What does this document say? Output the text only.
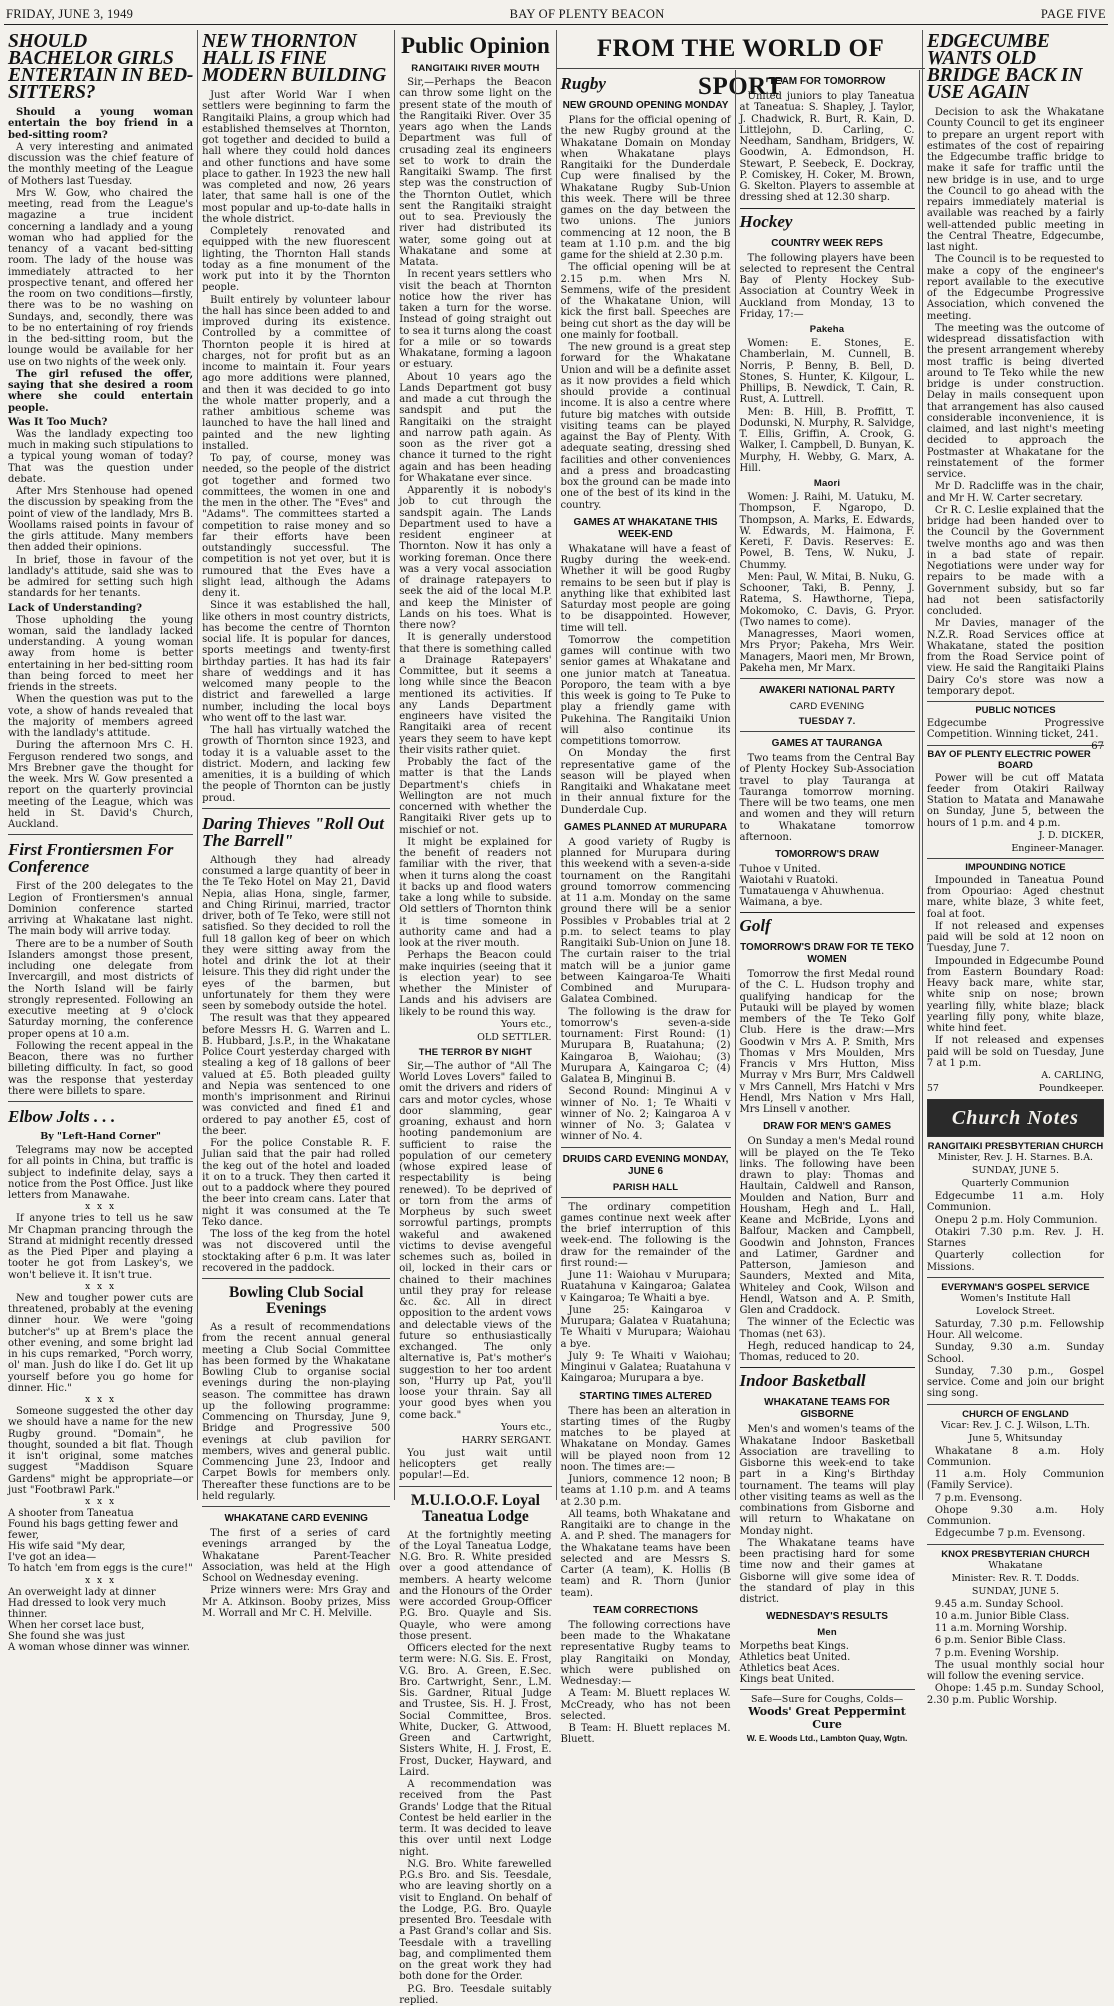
FRIDAY, JUNE 3, 1949	BAY OF PLENTY BEACON	PAGE FIVE
SHOULD BACHELOR GIRLS ENTERTAIN IN BED-SITTERS?

Should a young woman entertain the boy friend in a bed-sitting room?

A very interesting and animated discussion was the chief feature of the monthly meeting of the League of Mothers last Tuesday.

Mrs W. Gow, who chaired the meeting, read from the League's magazine a true incident concerning a landlady and a young woman who had applied for the tenancy of a vacant bed-sitting room. The lady of the house was immediately attracted to her prospective tenant, and offered her the room on two conditions—firstly, there was to be no washing on Sundays, and, secondly, there was to be no entertaining of roy friends in the bed-sitting room, but the lounge would be available for her use on two nights of the week only.

The girl refused the offer, saying that she desired a room where she could entertain people.

Was It Too Much?

Was the landlady expecting too much in making such stipulations to a typical young woman of today? That was the question under debate.

After Mrs Stenhouse had opened the discussion by speaking from the point of view of the landlady, Mrs B. Woollams raised points in favour of the girls attitude. Many members then added their opinions.

In brief, those in favour of the landlady's attitude, said she was to be admired for setting such high standards for her tenants.

Lack of Understanding?

Those upholding the young woman, said the landlady lacked understanding. A young woman away from home is better entertaining in her bed-sitting room than being forced to meet her friends in the streets.

When the question was put to the vote, a show of hands revealed that the majority of members agreed with the landlady's attitude.

During the afternoon Mrs C. H. Ferguson rendered two songs, and Mrs Brebner gave the thought for the week. Mrs W. Gow presented a report on the quarterly provincial meeting of the League, which was held in St. David's Church, Auckland.

First Frontiersmen For Conference

First of the 200 delegates to the Legion of Frontiersmen's annual Dominion conference started arriving at Whakatane last night. The main body will arrive today.

There are to be a number of South Islanders amongst those present, including one delegate from Invercargill, and most districts of the North Island will be fairly strongly represented. Following an executive meeting at 9 o'clock Saturday morning, the conference proper opens at 10 a.m.

Following the recent appeal in the Beacon, there was no further billeting difficulty. In fact, so good was the response that yesterday there were billets to spare.

Elbow Jolts . . .
By "Left-Hand Corner"

Telegrams may now be accepted for all points in China, but traffic is subject to indefinite delay, says a notice from the Post Office. Just like letters from Manawahe.

x x x

If anyone tries to tell us he saw Mr Chapman prancing through the Strand at midnight recently dressed as the Pied Piper and playing a tooter he got from Laskey's, we won't believe it. It isn't true.

x x x

New and tougher power cuts are threatened, probably at the evening dinner hour. We were "going butcher's" up at Brem's place the other evening, and some bright lad in his cups remarked, "Porch worry, ol' man. Jush do like I do. Get lit up yourself before you go home for dinner. Hic."

x x x

Someone suggested the other day we should have a name for the new Rugby ground. "Domain", he thought, sounded a bit flat. Though it isn't original, some matches suggest "Maddison Square Gardens" might be appropriate—or just "Footbrawl Park."

x x x
A shooter from Taneatua
Found his bags getting fewer and fewer,
His wife said "My dear,
I've got an idea—
To hatch 'em from eggs is the cure!"
x x x
An overweight lady at dinner
Had dressed to look very much thinner.
When her corset lace bust,
She found she was just
A woman whose dinner was winner.
NEW THORNTON HALL IS FINE MODERN BUILDING

Just after World War I when settlers were beginning to farm the Rangitaiki Plains, a group which had established themselves at Thornton, got together and decided to build a hall where they could hold dances and other functions and have some place to gather. In 1923 the new hall was completed and now, 26 years later, that same hall is one of the most popular and up-to-date halls in the whole district.

Completely renovated and equipped with the new fluorescent lighting, the Thornton Hall stands today as a fine monument of the work put into it by the Thornton people.

Built entirely by volunteer labour the hall has since been added to and improved during its existence. Controlled by a committee of Thornton people it is hired at charges, not for profit but as an income to maintain it. Four years ago more additions were planned, and then it was decided to go into the whole matter properly, and a rather ambitious scheme was launched to have the hall lined and painted and the new lighting installed.

To pay, of course, money was needed, so the people of the district got together and formed two committees, the women in one and the men in the other. The "Eves" and "Adams". The committees started a competition to raise money and so far their efforts have been outstandingly successful. The competition is not yet over, but it is rumoured that the Eves have a slight lead, although the Adams deny it.

Since it was established the hall, like others in most country districts, has become the centre of Thornton social life. It is popular for dances, sports meetings and twenty-first birthday parties. It has had its fair share of weddings and it has welcomed many people to the district and farewelled a large number, including the local boys who went off to the last war.

The hall has virtually watched the growth of Thornton since 1923, and today it is a valuable asset to the district. Modern, and lacking few amenities, it is a building of which the people of Thornton can be justly proud.

Daring Thieves "Roll Out The Barrell"

Although they had already consumed a large quantity of beer in the Te Teko Hotel on May 21, David Nepia, alias Hona, single, farmer, and Ching Ririnui, married, tractor driver, both of Te Teko, were still not satisfied. So they decided to roll the full 18 gallon keg of beer on which they were sitting away from the hotel and drink the lot at their leisure. This they did right under the eyes of the barmen, but unfortunately for them they were seen by somebody outside the hotel.

The result was that they appeared before Messrs H. G. Warren and L. B. Hubbard, J.s.P., in the Whakatane Police Court yesterday charged with stealing a keg of 18 gallons of beer valued at £5. Both pleaded guilty and Nepia was sentenced to one month's imprisonment and Ririnui was convicted and fined £1 and ordered to pay another £5, cost of the beer.

For the police Constable R. F. Julian said that the pair had rolled the keg out of the hotel and loaded it on to a truck. They then carted it out to a paddock where they poured the beer into cream cans. Later that night it was consumed at the Te Teko dance.

The loss of the keg from the hotel was not discovered until the stocktaking after 6 p.m. It was later recovered in the paddock.

Bowling Club Social Evenings

As a result of recommendations from the recent annual general meeting a Club Social Committee has been formed by the Whakatane Bowling Club to organise social evenings during the non-playing season. The committee has drawn up the following programme: Commencing on Thursday, June 9, Bridge and Progressive 500 evenings at club pavilion for members, wives and general public. Commencing June 23, Indoor and Carpet Bowls for members only. Thereafter these functions are to be held regularly.

WHAKATANE CARD EVENING

The first of a series of card evenings arranged by the Whakatane Parent-Teacher Association, was held at the High School on Wednesday evening.

Prize winners were: Mrs Gray and Mr A. Atkinson. Booby prizes, Miss M. Worrall and Mr C. H. Melville.

Public Opinion
RANGITAIKI RIVER MOUTH

Sir,—Perhaps the Beacon can throw some light on the present state of the mouth of the Rangitaiki River. Over 35 years ago when the Lands Department was full of crusading zeal its engineers set to work to drain the Rangitaiki Swamp. The first step was the construction of the Thornton Outlet, which sent the Rangitaiki straight out to sea. Previously the river had distributed its water, some going out at Whakatane and some at Matata.

In recent years settlers who visit the beach at Thornton notice how the river has taken a turn for the worse. Instead of going straight out to sea it turns along the coast for a mile or so towards Whakatane, forming a lagoon or estuary.

About 10 years ago the Lands Department got busy and made a cut through the sandspit and put the Rangitaiki on the straight and narrow path again. As soon as the river got a chance it turned to the right again and has been heading for Whakatane ever since.

Apparently it is nobody's job to cut through the sandspit again. The Lands Department used to have a resident engineer at Thornton. Now it has only a working foreman. Once there was a very vocal association of drainage ratepayers to seek the aid of the local M.P. and keep the Minister of Lands on his toes. What is there now?

It is generally understood that there is something called a Drainage Ratepayers' Committee, but it seems a long while since the Beacon mentioned its activities. If any Lands Department engineers have visited the Rangitaiki area of recent years they seem to have kept their visits rather quiet.

Probably the fact of the matter is that the Lands Department's chiefs in Wellington are not much concerned with whether the Rangitaiki River gets up to mischief or not.

It might be explained for the benefit of readers not familiar with the river, that when it turns along the coast it backs up and flood waters take a long while to subside. Old settlers of Thornton think it is time someone in authority came and had a look at the river mouth.

Perhaps the Beacon could make inquiries (seeing that it is election year) to see whether the Minister of Lands and his advisers are likely to be round this way.

Yours etc.,
OLD SETTLER.
THE TERROR BY NIGHT

Sir,—The author of "All The World Loves Lovers" failed to omit the drivers and riders of cars and motor cycles, whose door slamming, gear groaning, exhaust and horn hooting pandemonium are sufficient to raise the population of our cemetery (whose expired lease of respectability is being renewed). To be deprived of or torn from the arms of Morpheus by such sweet sorrowful partings, prompts wakeful and awakened victims to devise avengeful schemes such as, boiled in oil, locked in their cars or chained to their machines until they pray for release &c. &c. All in direct opposition to the ardent vows and delectable views of the future so enthusiastically exchanged. The only alternative is, Pat's mother's suggestion to her too ardent son, "Hurry up Pat, you'll loose your thrain. Say all your good byes when you come back."

Yours etc.,
HARRY SERGANT.

You just wait until helicopters get really popular!—Ed.

M.U.I.O.O.F. Loyal Taneatua Lodge

At the fortnightly meeting of the Loyal Taneatua Lodge, N.G. Bro. R. White presided over a good attendance of members. A hearty welcome and the Honours of the Order were accorded Group-Officer P.G. Bro. Quayle and Sis. Quayle, who were among those present.

Officers elected for the next term were: N.G. Sis. E. Frost, V.G. Bro. A. Green, E.Sec. Bro. Cartwright, Senr., L.M. Sis. Gardner, Ritual Judge and Trustee, Sis. H. J. Frost, Social Committee, Bros. White, Ducker, G. Attwood, Green and Cartwright, Sisters White, H. J. Frost, E. Frost, Ducker, Hayward, and Laird.

A recommendation was received from the Past Grands' Lodge that the Ritual Contest be held earlier in the term. It was decided to leave this over until next Lodge night.

N.G. Bro. White farewelled P.G.s Bro. and Sis. Teesdale, who are leaving shortly on a visit to England. On behalf of the Lodge, P.G. Bro. Quayle presented Bro. Teesdale with a Past Grand's collar and Sis. Teesdale with a travelling bag, and complimented them on the great work they had both done for the Order.

P.G. Bro. Teesdale suitably replied.

FROM THE WORLD OF SPORT
Rugby
NEW GROUND OPENING MONDAY

Plans for the official opening of the new Rugby ground at the Whakatane Domain on Monday when Whakatane plays Rangitaiki for the Dunderdale Cup were finalised by the Whakatane Rugby Sub-Union this week. There will be three games on the day between the two unions. The juniors commencing at 12 noon, the B team at 1.10 p.m. and the big game for the shield at 2.30 p.m.

The official opening will be at 2.15 p.m. when Mrs N. Semmens, wife of the president of the Whakatane Union, will kick the first ball. Speeches are being cut short as the day will be one mainly for football.

The new ground is a great step forward for the Whakatane Union and will be a definite asset as it now provides a field which should provide a continual income. It is also a centre where future big matches with outside visiting teams can be played against the Bay of Plenty. With adequate seating, dressing shed facilities and other conveniences and a press and broadcasting box the ground can be made into one of the best of its kind in the country.

GAMES AT WHAKATANE THIS WEEK-END

Whakatane will have a feast of Rugby during the week-end. Whether it will be good Rugby remains to be seen but if play is anything like that exhibited last Saturday most people are going to be disappointed. However, time will tell.

Tomorrow the competition games will continue with two senior games at Whakatane and one junior match at Taneatua. Poroporo, the team with a bye this week is going to Te Puke to play a friendly game with Pukehina. The Rangitaiki Union will also continue its competitions tomorrow.

On Monday the first representative game of the season will be played when Rangitaiki and Whakatane meet in their annual fixture for the Dunderdale Cup.

GAMES PLANNED AT MURUPARA

A good variety of Rugby is planned for Murupara during this weekend with a seven-a-side tournament on the Rangitahi ground tomorrow commencing at 11 a.m. Monday on the same ground there will be a senior Possibles v Probables trial at 2 p.m. to select teams to play Rangitaiki Sub-Union on June 18. The curtain raiser to the trial match will be a junior game between Kaingaroa-Te Whaiti Combined and Murupara-Galatea Combined.

The following is the draw for tomorrow's seven-a-side tournament: First Round: (1) Murupara B, Ruatahuna; (2) Kaingaroa B, Waiohau; (3) Murupara A, Kaingaroa C; (4) Galatea B, Minginui B.

Second Round: Minginui A v winner of No. 1; Te Whaiti v winner of No. 2; Kaingaroa A v winner of No. 3; Galatea v winner of No. 4.

DRUIDS CARD EVENING MONDAY, JUNE 6
PARISH HALL

The ordinary competition games continue next week after the brief interruption of this week-end. The following is the draw for the remainder of the first round:—

June 11: Waiohau v Murupara; Ruatahuna v Kaingaroa; Galatea v Kaingaroa; Te Whaiti a bye.

June 25: Kaingaroa v Murupara; Galatea v Ruatahuna; Te Whaiti v Murupara; Waiohau a bye.

July 9: Te Whaiti v Waiohau; Minginui v Galatea; Ruatahuna v Kaingaroa; Murupara a bye.

STARTING TIMES ALTERED

There has been an alteration in starting times of the Rugby matches to be played at Whakatane on Monday. Games will be played noon from 12 noon. The times are:—

Juniors, commence 12 noon; B teams at 1.10 p.m. and A teams at 2.30 p.m.

All teams, both Whakatane and Rangitaiki are to change in the A. and P. shed. The managers for the Whakatane teams have been selected and are Messrs S. Carter (A team), K. Hollis (B team) and R. Thorn (Junior team).

TEAM CORRECTIONS

The following corrections have been made to the Whakatane representative Rugby teams to play Rangitaiki on Monday, which were published on Wednesday:—

A Team: M. Bluett replaces W. McCready, who has not been selected.

B Team: H. Bluett replaces M. Bluett.

TEAM FOR TOMORROW

United juniors to play Taneatua at Taneatua: S. Shapley, J. Taylor, J. Chadwick, R. Burt, R. Kain, D. Littlejohn, D. Carling, C. Needham, Sandham, Bridgers, W. Goodwin, A. Edmondson, H. Stewart, P. Seebeck, E. Dockray, P. Comiskey, H. Coker, M. Brown, G. Skelton. Players to assemble at dressing shed at 12.30 sharp.

Hockey
COUNTRY WEEK REPS

The following players have been selected to represent the Central Bay of Plenty Hockey Sub-Association at Country Week in Auckland from Monday, 13 to Friday, 17:—

Pakeha

Women: E. Stones, E. Chamberlain, M. Cunnell, B. Norris, P. Benny, B. Bell, D. Stones, S. Hunter, K. Kilgour, L. Phillips, B. Newdick, T. Cain, R. Rust, A. Luttrell.

Men: B. Hill, B. Proffitt, T. Dodunski, N. Murphy, R. Salvidge, T. Ellis, Griffin, A. Crook, G. Walker, I. Campbell, D. Bunyan, K. Murphy, H. Webby, G. Marx, A. Hill.

Maori

Women: J. Raihi, M. Uatuku, M. Thompson, F. Ngaropo, D. Thompson, A. Marks, E. Edwards, W. Edwards, M. Haimona, F. Kereti, F. Davis. Reserves: E. Powel, B. Tens, W. Nuku, J. Chummy.

Men: Paul, W. Mitai, B. Nuku, G. Schooner, Taki, B. Penny, J. Ratema, S. Hawthorne, Tiepa, Mokomoko, C. Davis, G. Pryor. (Two names to come).

Managresses, Maori women, Mrs Pryor; Pakeha, Mrs Weir. Managers, Maori men, Mr Brown, Pakeha men, Mr Marx.

AWAKERI NATIONAL PARTY
CARD EVENING
TUESDAY 7.
GAMES AT TAURANGA

Two teams from the Central Bay of Plenty Hockey Sub-Association travel to play Tauranga at Tauranga tomorrow morning. There will be two teams, one men and women and they will return to Whakatane tomorrow afternoon.

TOMORROW'S DRAW
Tuhoe v United.
Waiotahi v Ruatoki.
Tumatauenga v Ahuwhenua.
Waimana, a bye.
Golf
TOMORROW'S DRAW FOR TE TEKO WOMEN

Tomorrow the first Medal round of the C. L. Hudson trophy and qualifying handicap for the Putauki will be played by women members of the Te Teko Golf Club. Here is the draw:—Mrs Goodwin v Mrs A. P. Smith, Mrs Thomas v Mrs Moulden, Mrs Francis v Mrs Hutton, Miss Murray v Mrs Burr, Mrs Caldwell v Mrs Cannell, Mrs Hatchi v Mrs Hendl, Mrs Nation v Mrs Hall, Mrs Linsell v another.

DRAW FOR MEN'S GAMES

On Sunday a men's Medal round will be played on the Te Teko links. The following have been drawn to play: Thomas and Haultain, Caldwell and Ranson, Moulden and Nation, Burr and Housham, Hegh and L. Hall, Keane and McBride, Lyons and Balfour, Macken and Campbell, Goodwin and Johnston, Frances and Latimer, Gardner and Patterson, Jamieson and Saunders, Mexted and Mita, Whiteley and Cook, Wilson and Hendl, Watson and A. P. Smith, Glen and Craddock.

The winner of the Eclectic was Thomas (net 63).

Hegh, reduced handicap to 24, Thomas, reduced to 20.

Indoor Basketball
WHAKATANE TEAMS FOR GISBORNE

Men's and women's teams of the Whakatane Indoor Basketball Association are travelling to Gisborne this week-end to take part in a King's Birthday tournament. The teams will play other visiting teams as well as the combinations from Gisborne and will return to Whakatane on Monday night.

The Whakatane teams have been practising hard for some time now and their games at Gisborne will give some idea of the standard of play in this district.

WEDNESDAY'S RESULTS
Men
Morpeths beat Kings.
Athletics beat United.
Athletics beat Aces.
Kings beat United.
Safe—Sure for Coughs, Colds—
Woods' Great Peppermint Cure
W. E. Woods Ltd., Lambton Quay, Wgtn.
EDGECUMBE WANTS OLD BRIDGE BACK IN USE AGAIN

Decision to ask the Whakatane County Council to get its engineer to prepare an urgent report with estimates of the cost of repairing the Edgecumbe traffic bridge to make it safe for traffic until the new bridge is in use, and to urge the Council to go ahead with the repairs immediately material is available was reached by a fairly well-attended public meeting in the Central Theatre, Edgecumbe, last night.

The Council is to be requested to make a copy of the engineer's report available to the executive of the Edgecumbe Progressive Association, which convened the meeting.

The meeting was the outcome of widespread dissatisfaction with the present arrangement whereby most traffic is being diverted around to Te Teko while the new bridge is under construction. Delay in mails consequent upon that arrangement has also caused considerable inconvenience, it is claimed, and last night's meeting decided to approach the Postmaster at Whakatane for the reinstatement of the former service.

Mr D. Radcliffe was in the chair, and Mr H. W. Carter secretary.

Cr R. C. Leslie explained that the bridge had been handed over to the Council by the Government twelve months ago and was then in a bad state of repair. Negotiations were under way for repairs to be made with a Government subsidy, but so far had not been satisfactorily concluded.

Mr Davies, manager of the N.Z.R. Road Services office at Whakatane, stated the position from the Road Service point of view. He said the Rangitaiki Plains Dairy Co's store was now a temporary depot.

PUBLIC NOTICES

Edgecumbe Progressive Competition. Winning ticket, 241.
67

BAY OF PLENTY ELECTRIC POWER BOARD

Power will be cut off Matata feeder from Otakiri Railway Station to Matata and Manawahe on Sunday, June 5, between the hours of 1 p.m. and 4 p.m.

J. D. DICKER,
Engineer-Manager.
IMPOUNDING NOTICE

Impounded in Taneatua Pound from Opouriao: Aged chestnut mare, white blaze, 3 white feet, foal at foot.

If not released and expenses paid will be sold at 12 noon on Tuesday, June 7.

Impounded in Edgecumbe Pound from Eastern Boundary Road: Heavy back mare, white star, white snip on nose; brown yearling filly, white blaze; black yearling filly pony, white blaze, white hind feet.

If not released and expenses paid will be sold on Tuesday, June 7 at 1 p.m.

A. CARLING,
57	Poundkeeper.
Church Notes
RANGITAIKI PRESBYTERIAN CHURCH
Minister, Rev. J. H. Starnes. B.A.
SUNDAY, JUNE 5.
Quarterly Communion

Edgecumbe 11 a.m. Holy Communion.

Onepu 2 p.m. Holy Communion.

Otakiri 7.30 p.m. Rev. J. H. Starnes

Quarterly collection for Missions.

EVERYMAN'S GOSPEL SERVICE
Women's Institute Hall
Lovelock Street.

Saturday, 7.30 p.m. Fellowship Hour. All welcome.

Sunday, 9.30 a.m. Sunday School.

Sunday, 7.30 p.m., Gospel service. Come and join our bright sing song.

CHURCH OF ENGLAND
Vicar: Rev. J. C. J. Wilson, L.Th.
June 5, Whitsunday

Whakatane 8 a.m. Holy Communion.

11 a.m. Holy Communion (Family Service).

7 p.m. Evensong.

Ohope 9.30 a.m. Holy Communion.

Edgecumbe 7 p.m. Evensong.

KNOX PRESBYTERIAN CHURCH
Whakatane
Minister: Rev. R. T. Dodds.
SUNDAY, JUNE 5.

9.45 a.m. Sunday School.

10 a.m. Junior Bible Class.

11 a.m. Morning Worship.

6 p.m. Senior Bible Class.

7 p.m. Evening Worship.

The usual monthly social hour will follow the evening service.

Ohope: 1.45 p.m. Sunday School, 2.30 p.m. Public Worship.
